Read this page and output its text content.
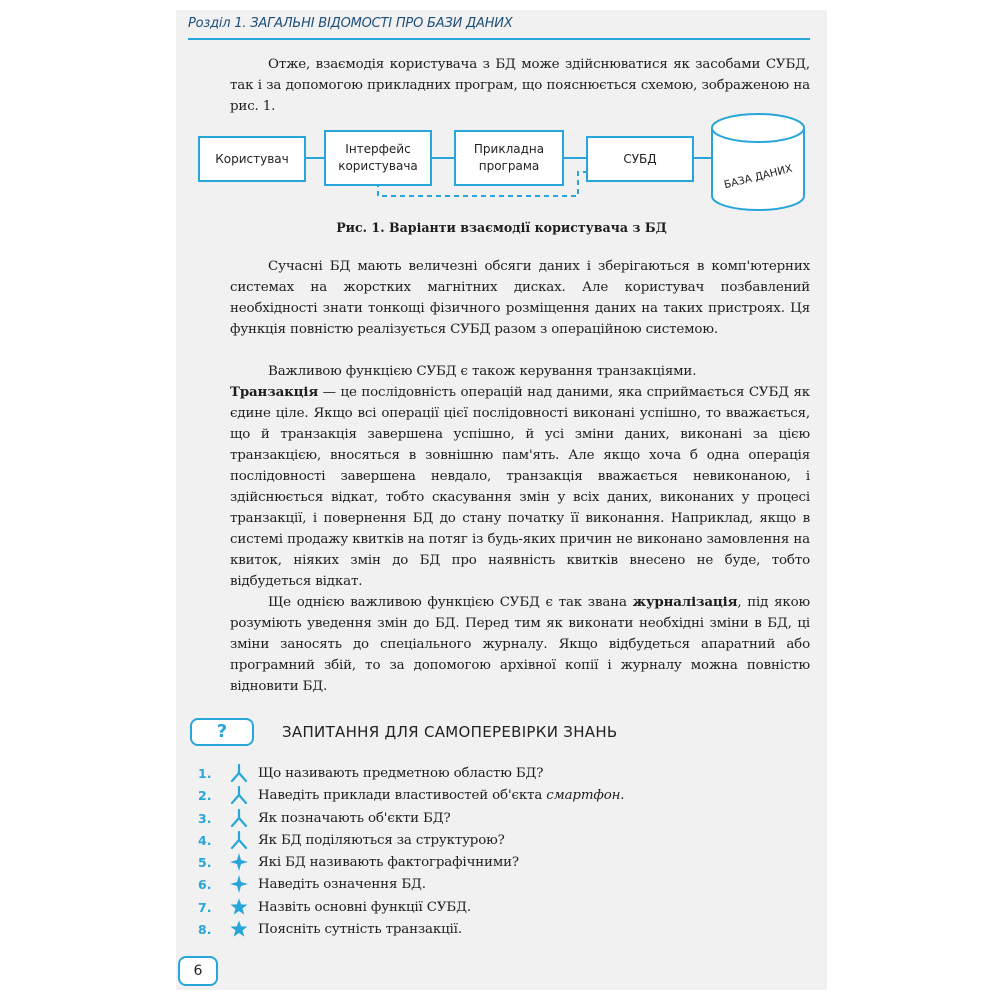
Розділ 1. ЗАГАЛЬНІ ВІДОМОСТІ ПРО БАЗИ ДАНИХ

Отже, взаємодія користувача з БД може здійснюватися як засобами СУБД, так і за допомогою прикладних програм, що пояснюється схемою, зображеною на рис. 1.

Користувач
Інтерфейс
користувача
Прикладна
програма
СУБД
БАЗА ДАНИХ
Рис. 1. Варіанти взаємодії користувача з БД

Сучасні БД мають величезні обсяги даних і зберігаються в комп'ютерних системах на жорстких магнітних дисках. Але користувач позбавлений необхідності знати тонкощі фізичного розміщення даних на таких пристроях. Ця функція повністю реалізується СУБД разом з операційною системою.

Важливою функцією СУБД є також керування транзакціями.

Транзакція — це послідовність операцій над даними, яка сприймається СУБД як єдине ціле. Якщо всі операції цієї послідовності виконані успішно, то вважається, що й транзакція завершена успішно, й усі зміни даних, виконані за цією транзакцією, вносяться в зовнішню пам'ять. Але якщо хоча б одна операція послідовності завершена невдало, транзакція вважається невиконаною, і здійснюється відкат, тобто скасування змін у всіх даних, виконаних у процесі транзакції, і повернення БД до стану початку її виконання. Наприклад, якщо в системі продажу квитків на потяг із будь-яких причин не виконано замовлення на квиток, ніяких змін до БД про наявність квитків внесено не буде, тобто відбудеться відкат.

Ще однією важливою функцією СУБД є так звана журналізація, під якою розуміють уведення змін до БД. Перед тим як виконати необхідні зміни в БД, ці зміни заносять до спеціального журналу. Якщо відбудеться апаратний або програмний збій, то за допомогою архівної копії і журналу можна повністю відновити БД.

?	ЗАПИТАННЯ ДЛЯ САМОПЕРЕВІРКИ ЗНАНЬ
1.	Що називають предметною областю БД?
2.	Наведіть приклади властивостей об'єкта смартфон.
3.	Як позначають об'єкти БД?
4.	Як БД поділяються за структурою?
5.	Які БД називають фактографічними?
6.	Наведіть означення БД.
7.	Назвіть основні функції СУБД.
8.	Поясніть сутність транзакції.
6
